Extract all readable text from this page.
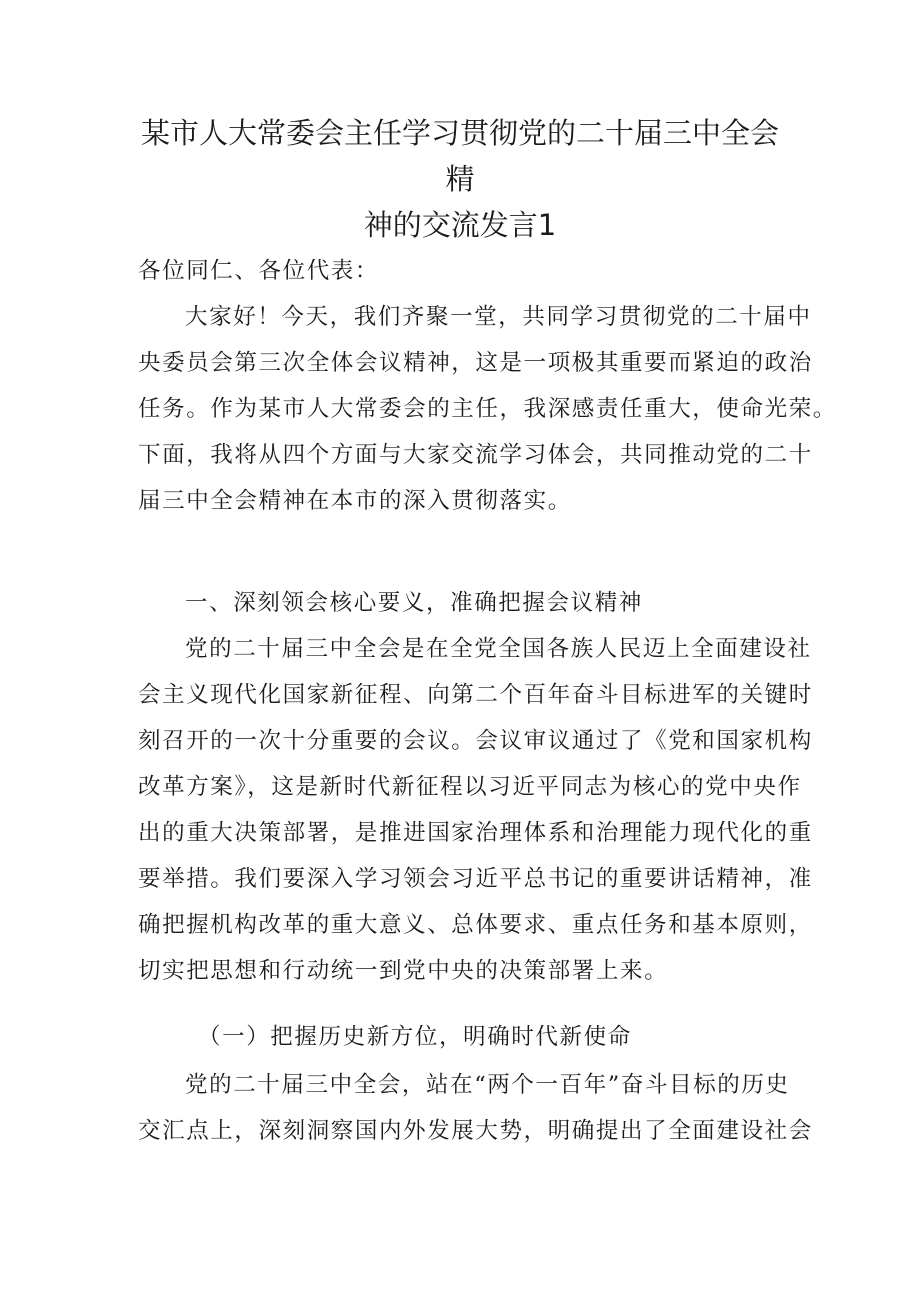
某市人大常委会主任学习贯彻党的二十届三中全会精
神的交流发言1

各位同仁、各位代表：

大家好！今天，我们齐聚一堂，共同学习贯彻党的二十届中
央委员会第三次全体会议精神，这是一项极其重要而紧迫的政治
任务。作为某市人大常委会的主任，我深感责任重大，使命光荣。
下面，我将从四个方面与大家交流学习体会，共同推动党的二十
届三中全会精神在本市的深入贯彻落实。

一、深刻领会核心要义，准确把握会议精神

党的二十届三中全会是在全党全国各族人民迈上全面建设社
会主义现代化国家新征程、向第二个百年奋斗目标进军的关键时
刻召开的一次十分重要的会议。会议审议通过了《党和国家机构
改革方案》，这是新时代新征程以习近平同志为核心的党中央作
出的重大决策部署，是推进国家治理体系和治理能力现代化的重
要举措。我们要深入学习领会习近平总书记的重要讲话精神，准
确把握机构改革的重大意义、总体要求、重点任务和基本原则，
切实把思想和行动统一到党中央的决策部署上来。

（一）把握历史新方位，明确时代新使命

党的二十届三中全会，站在“两个一百年”奋斗目标的历史
交汇点上，深刻洞察国内外发展大势，明确提出了全面建设社会
